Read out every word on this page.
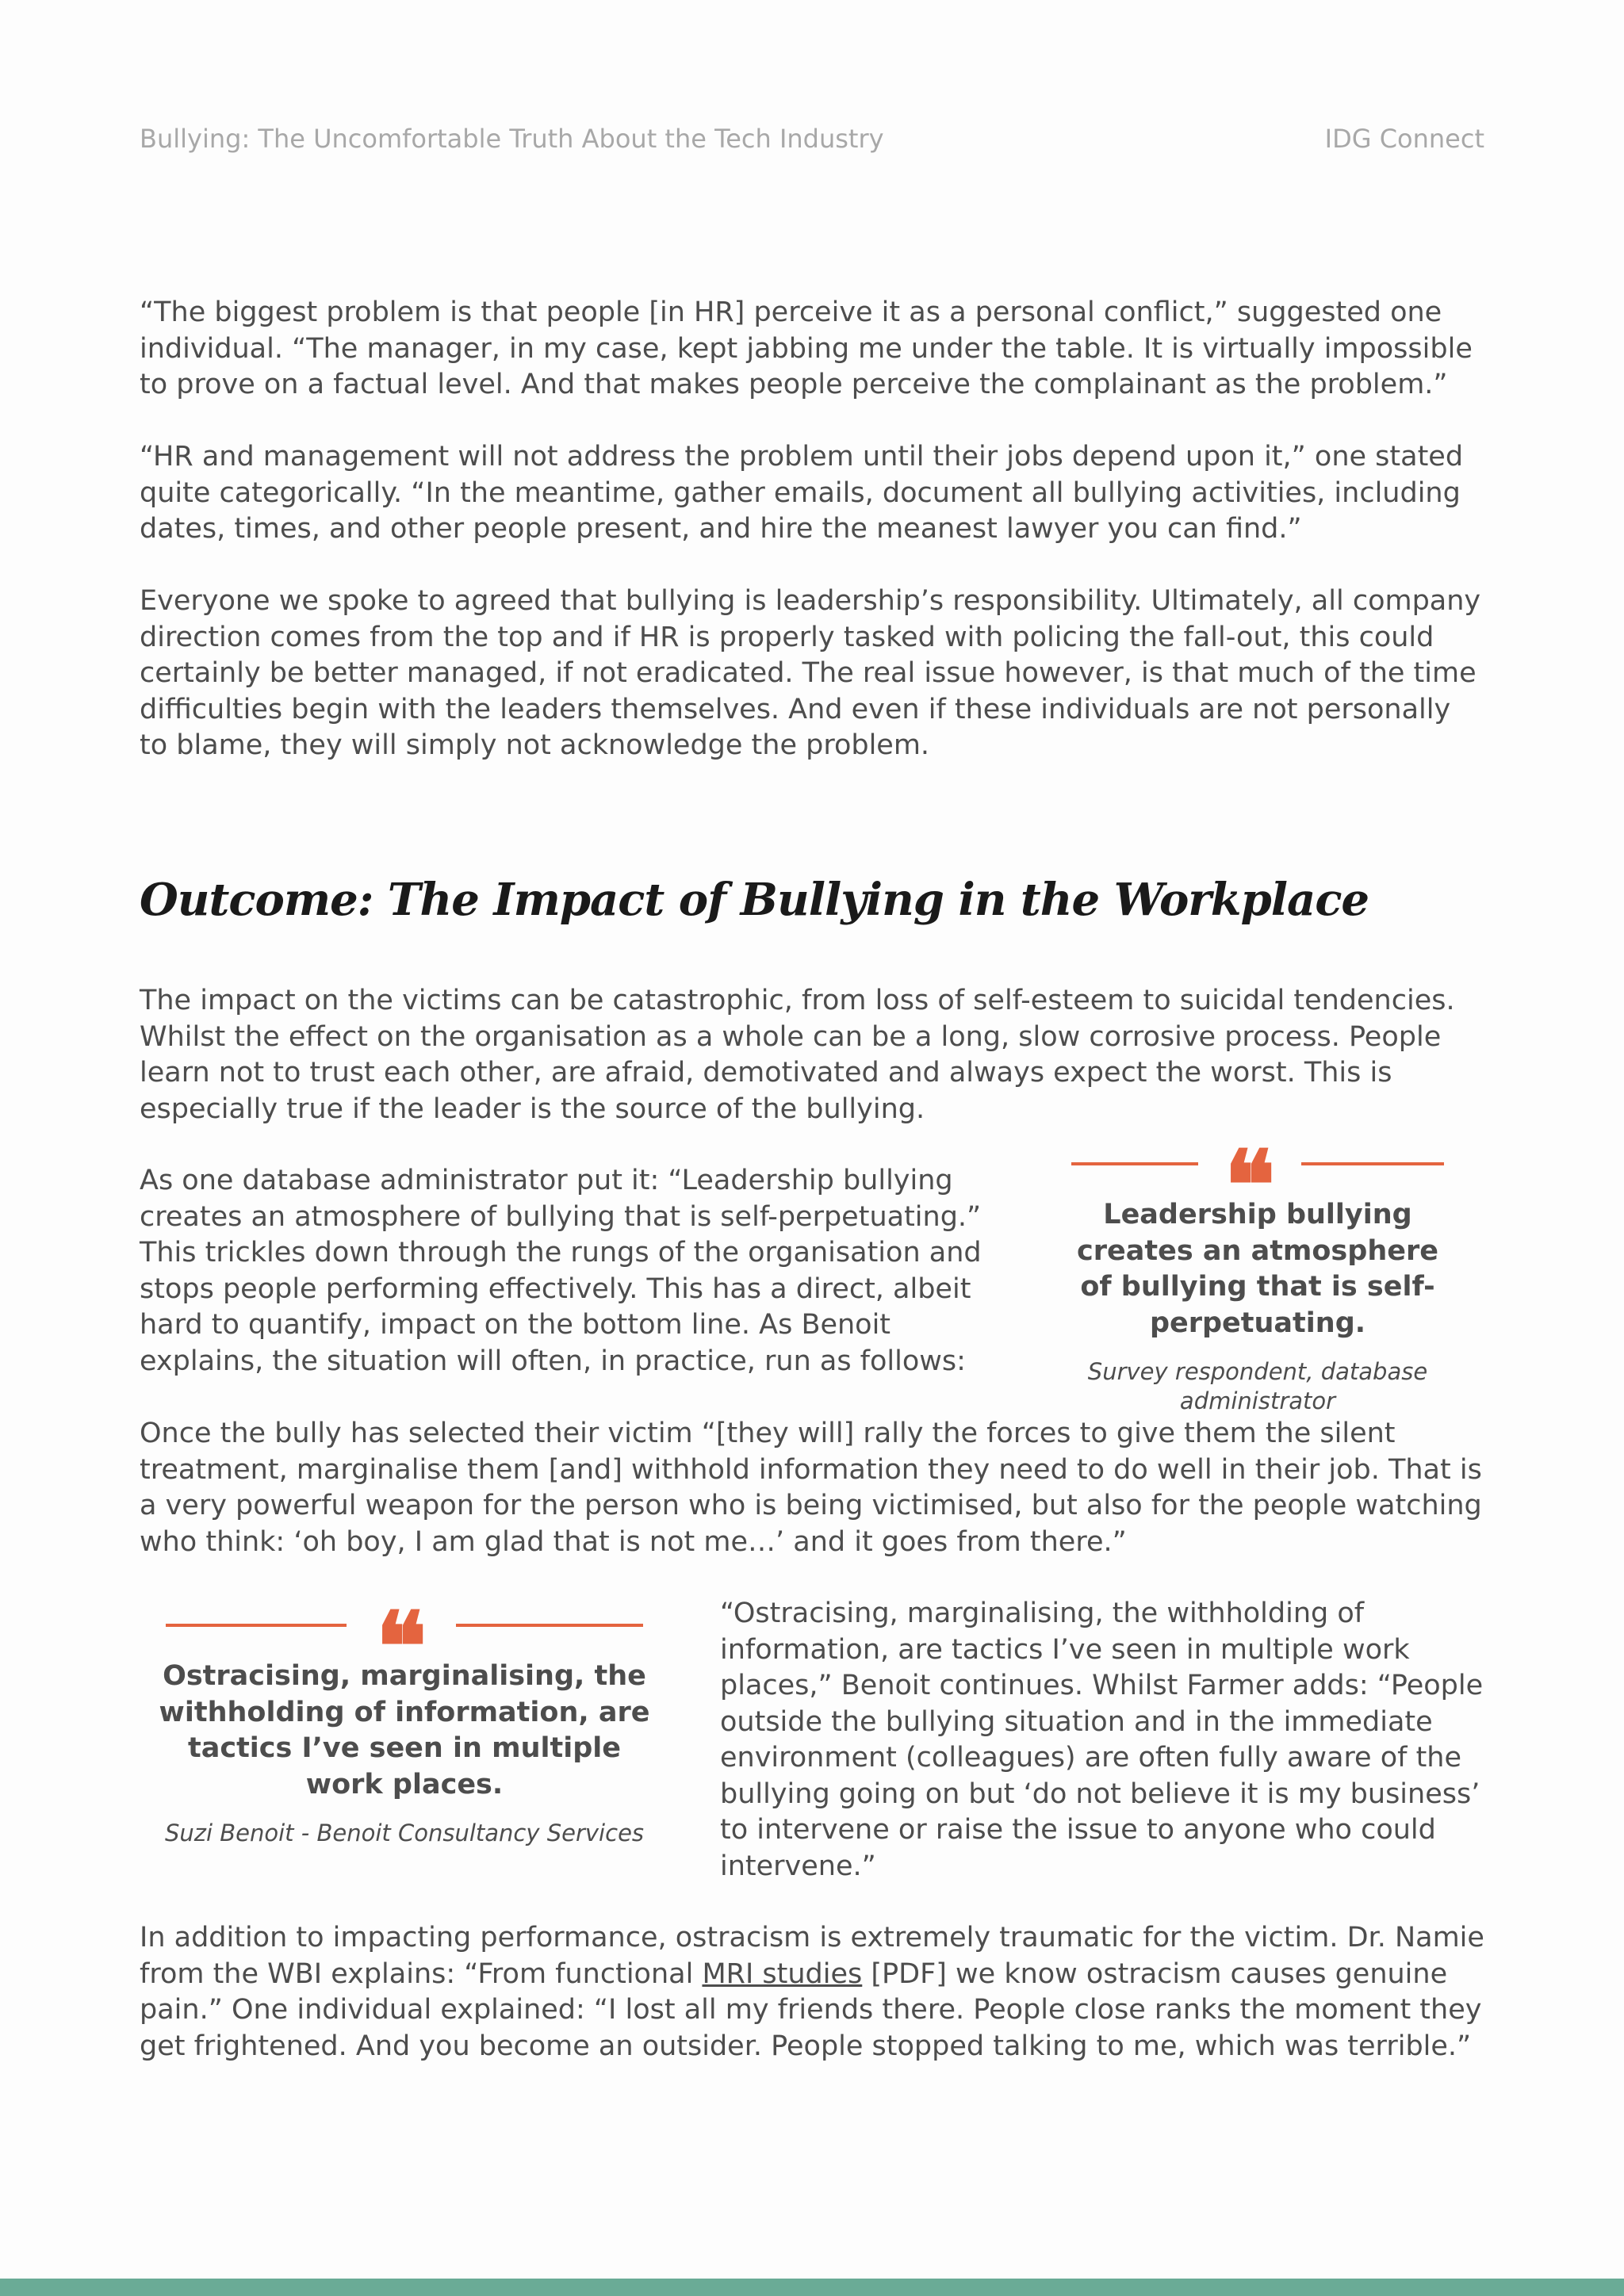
Bullying: The Uncomfortable Truth About the Tech Industry	IDG Connect

“The biggest problem is that people [in HR] perceive it as a personal conflict,” suggested one individual. “The manager, in my case, kept jabbing me under the table. It is virtually impossible to prove on a factual level. And that makes people perceive the complainant as the problem.”

“HR and management will not address the problem until their jobs depend upon it,” one stated quite categorically. “In the meantime, gather emails, document all bullying activities, including dates, times, and other people present, and hire the meanest lawyer you can find.”

Everyone we spoke to agreed that bullying is leadership’s responsibility. Ultimately, all company direction comes from the top and if HR is properly tasked with policing the fall-out, this could certainly be better managed, if not eradicated. The real issue however, is that much of the time difficulties begin with the leaders themselves. And even if these individuals are not personally to blame, they will simply not acknowledge the problem.

Outcome: The Impact of Bullying in the Workplace

The impact on the victims can be catastrophic, from loss of self-esteem to suicidal tendencies. Whilst the effect on the organisation as a whole can be a long, slow corrosive process. People learn not to trust each other, are afraid, demotivated and always expect the worst. This is especially true if the leader is the source of the bullying.

As one database administrator put it: “Leadership bullying creates an atmosphere of bullying that is self-perpetuating.” This trickles down through the rungs of the organisation and stops people performing effectively. This has a direct, albeit hard to quantify, impact on the bottom line. As Benoit explains, the situation will often, in practice, run as follows:

❝
Leadership bullying creates an atmosphere of bullying that is self-perpetuating.
Survey respondent, database administrator

Once the bully has selected their victim “[they will] rally the forces to give them the silent treatment, marginalise them [and] withhold information they need to do well in their job. That is a very powerful weapon for the person who is being victimised, but also for the people watching who think: ‘oh boy, I am glad that is not me…’ and it goes from there.”

❝
Ostracising, marginalising, the withholding of information, are tactics I’ve seen in multiple work places.
Suzi Benoit - Benoit Consultancy Services

“Ostracising, marginalising, the withholding of information, are tactics I’ve seen in multiple work places,” Benoit continues. Whilst Farmer adds: “People outside the bullying situation and in the immediate environment (colleagues) are often fully aware of the bullying going on but ‘do not believe it is my business’ to intervene or raise the issue to anyone who could intervene.”

In addition to impacting performance, ostracism is extremely traumatic for the victim. Dr. Namie from the WBI explains: “From functional MRI studies [PDF] we know ostracism causes genuine pain.” One individual explained: “I lost all my friends there. People close ranks the moment they get frightened. And you become an outsider. People stopped talking to me, which was terrible.”
